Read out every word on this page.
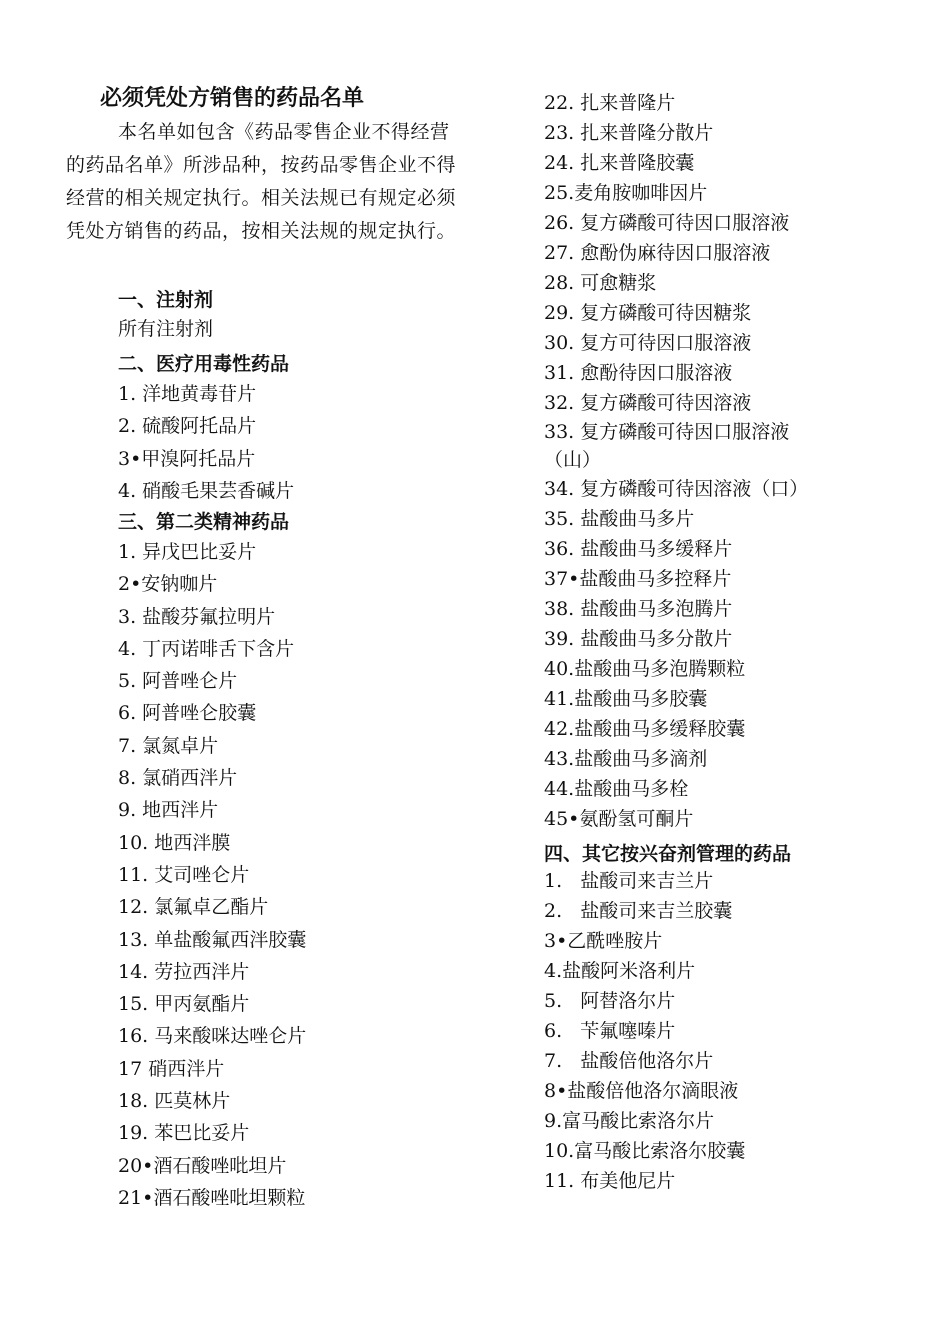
必须凭处方销售的药品名单
本名单如包含《药品零售企业不得经营的药品名单》所涉品种，按药品零售企业不得经营的相关规定执行。相关法规已有规定必须凭处方销售的药品，按相关法规的规定执行。
一、注射剂
所有注射剂
二、医疗用毒性药品
1. 洋地黄毒苷片
2. 硫酸阿托品片
3•甲溴阿托品片
4. 硝酸毛果芸香碱片
三、第二类精神药品
1. 异戊巴比妥片
2•安钠咖片
3. 盐酸芬氟拉明片
4. 丁丙诺啡舌下含片
5. 阿普唑仑片
6. 阿普唑仑胶囊
7. 氯氮卓片
8. 氯硝西泮片
9. 地西泮片
10. 地西泮膜
11. 艾司唑仑片
12. 氯氟卓乙酯片
13. 单盐酸氟西泮胶囊
14. 劳拉西泮片
15. 甲丙氨酯片
16. 马来酸咪达唑仑片
17 硝西泮片
18. 匹莫林片
19. 苯巴比妥片
20•酒石酸唑吡坦片
21•酒石酸唑吡坦颗粒
22. 扎来普隆片
23. 扎来普隆分散片
24. 扎来普隆胶囊
25.麦角胺咖啡因片
26. 复方磷酸可待因口服溶液
27. 愈酚伪麻待因口服溶液
28. 可愈糖浆
29. 复方磷酸可待因糖浆
30. 复方可待因口服溶液
31. 愈酚待因口服溶液
32. 复方磷酸可待因溶液
33. 复方磷酸可待因口服溶液（山）
34. 复方磷酸可待因溶液（口）
35. 盐酸曲马多片
36. 盐酸曲马多缓释片
37•盐酸曲马多控释片
38. 盐酸曲马多泡腾片
39. 盐酸曲马多分散片
40.盐酸曲马多泡腾颗粒
41.盐酸曲马多胶囊
42.盐酸曲马多缓释胶囊
43.盐酸曲马多滴剂
44.盐酸曲马多栓
45•氨酚氢可酮片
四、其它按兴奋剂管理的药品
1.   盐酸司来吉兰片
2.   盐酸司来吉兰胶囊
3•乙酰唑胺片
4.盐酸阿米洛利片
5.   阿替洛尔片
6.   苄氟噻嗪片
7.   盐酸倍他洛尔片
8•盐酸倍他洛尔滴眼液
9.富马酸比索洛尔片
10.富马酸比索洛尔胶囊
11. 布美他尼片
